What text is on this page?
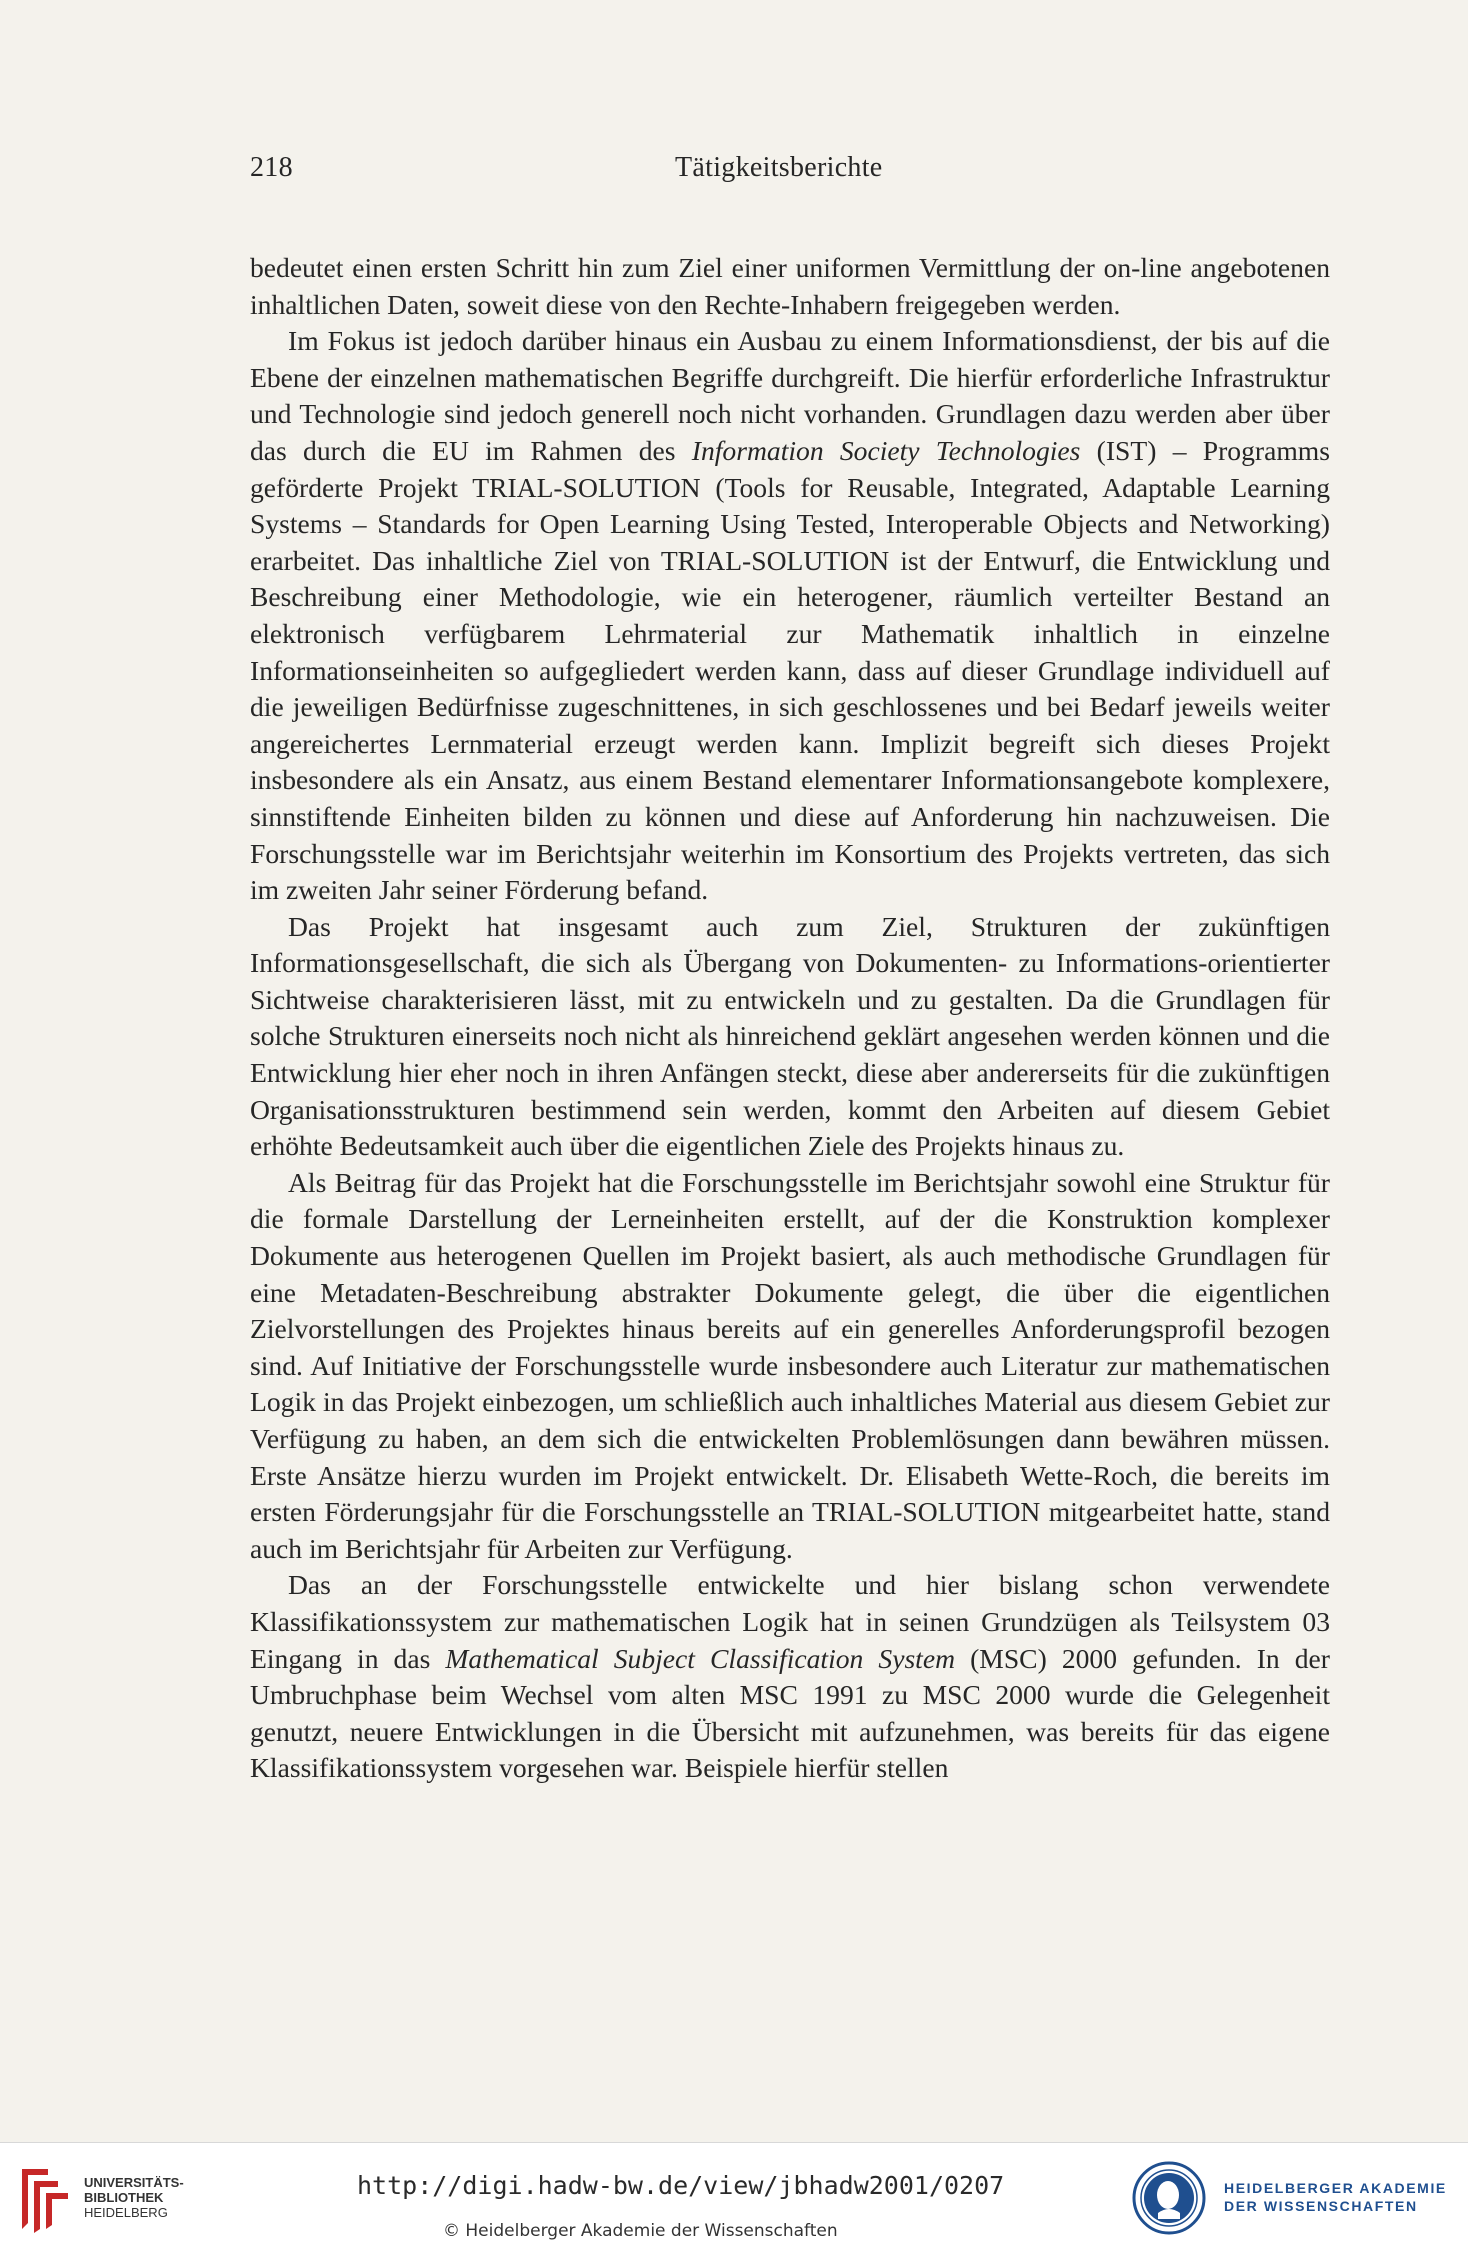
218	Tätigkeitsberichte

bedeutet einen ersten Schritt hin zum Ziel einer uniformen Vermittlung der on-line angebotenen inhaltlichen Daten, soweit diese von den Rechte-Inhabern freigegeben werden.

Im Fokus ist jedoch darüber hinaus ein Ausbau zu einem Informationsdienst, der bis auf die Ebene der einzelnen mathematischen Begriffe durchgreift. Die hierfür erforderliche Infrastruktur und Technologie sind jedoch generell noch nicht vorhanden. Grundlagen dazu werden aber über das durch die EU im Rahmen des Information Society Technologies (IST) – Programms geförderte Projekt TRIAL-SOLUTION (Tools for Reusable, Integrated, Adaptable Learning Systems – Standards for Open Learning Using Tested, Interoperable Objects and Networking) erarbeitet. Das inhaltliche Ziel von TRIAL-SOLUTION ist der Entwurf, die Entwicklung und Beschreibung einer Methodologie, wie ein heterogener, räumlich verteilter Bestand an elektronisch verfügbarem Lehrmaterial zur Mathematik inhaltlich in einzelne Informationseinheiten so aufgegliedert werden kann, dass auf dieser Grundlage individuell auf die jeweiligen Bedürfnisse zugeschnittenes, in sich geschlossenes und bei Bedarf jeweils weiter angereichertes Lernmaterial erzeugt werden kann. Implizit begreift sich dieses Projekt insbesondere als ein Ansatz, aus einem Bestand elementarer Informationsangebote komplexere, sinnstiftende Einheiten bilden zu können und diese auf Anforderung hin nachzuweisen. Die Forschungsstelle war im Berichtsjahr weiterhin im Konsortium des Projekts vertreten, das sich im zweiten Jahr seiner Förderung befand.

Das Projekt hat insgesamt auch zum Ziel, Strukturen der zukünftigen Informationsgesellschaft, die sich als Übergang von Dokumenten- zu Informations-orientierter Sichtweise charakterisieren lässt, mit zu entwickeln und zu gestalten. Da die Grundlagen für solche Strukturen einerseits noch nicht als hinreichend geklärt angesehen werden können und die Entwicklung hier eher noch in ihren Anfängen steckt, diese aber andererseits für die zukünftigen Organisationsstrukturen bestimmend sein werden, kommt den Arbeiten auf diesem Gebiet erhöhte Bedeutsamkeit auch über die eigentlichen Ziele des Projekts hinaus zu.

Als Beitrag für das Projekt hat die Forschungsstelle im Berichtsjahr sowohl eine Struktur für die formale Darstellung der Lerneinheiten erstellt, auf der die Konstruktion komplexer Dokumente aus heterogenen Quellen im Projekt basiert, als auch methodische Grundlagen für eine Metadaten-Beschreibung abstrakter Dokumente gelegt, die über die eigentlichen Zielvorstellungen des Projektes hinaus bereits auf ein generelles Anforderungsprofil bezogen sind. Auf Initiative der Forschungsstelle wurde insbesondere auch Literatur zur mathematischen Logik in das Projekt einbezogen, um schließlich auch inhaltliches Material aus diesem Gebiet zur Verfügung zu haben, an dem sich die entwickelten Problemlösungen dann bewähren müssen. Erste Ansätze hierzu wurden im Projekt entwickelt. Dr. Elisabeth Wette-Roch, die bereits im ersten Förderungsjahr für die Forschungsstelle an TRIAL-SOLUTION mitgearbeitet hatte, stand auch im Berichtsjahr für Arbeiten zur Verfügung.

Das an der Forschungsstelle entwickelte und hier bislang schon verwendete Klassifikationssystem zur mathematischen Logik hat in seinen Grundzügen als Teilsystem 03 Eingang in das Mathematical Subject Classification System (MSC) 2000 gefunden. In der Umbruchphase beim Wechsel vom alten MSC 1991 zu MSC 2000 wurde die Gelegenheit genutzt, neuere Entwicklungen in die Übersicht mit aufzunehmen, was bereits für das eigene Klassifikationssystem vorgesehen war. Beispiele hierfür stellen

UNIVERSITÄTS-
BIBLIOTHEK
HEIDELBERG
http://digi.hadw-bw.de/view/jbhadw2001/0207
© Heidelberger Akademie der Wissenschaften
HEIDELBERGER AKADEMIE
DER WISSENSCHAFTEN
